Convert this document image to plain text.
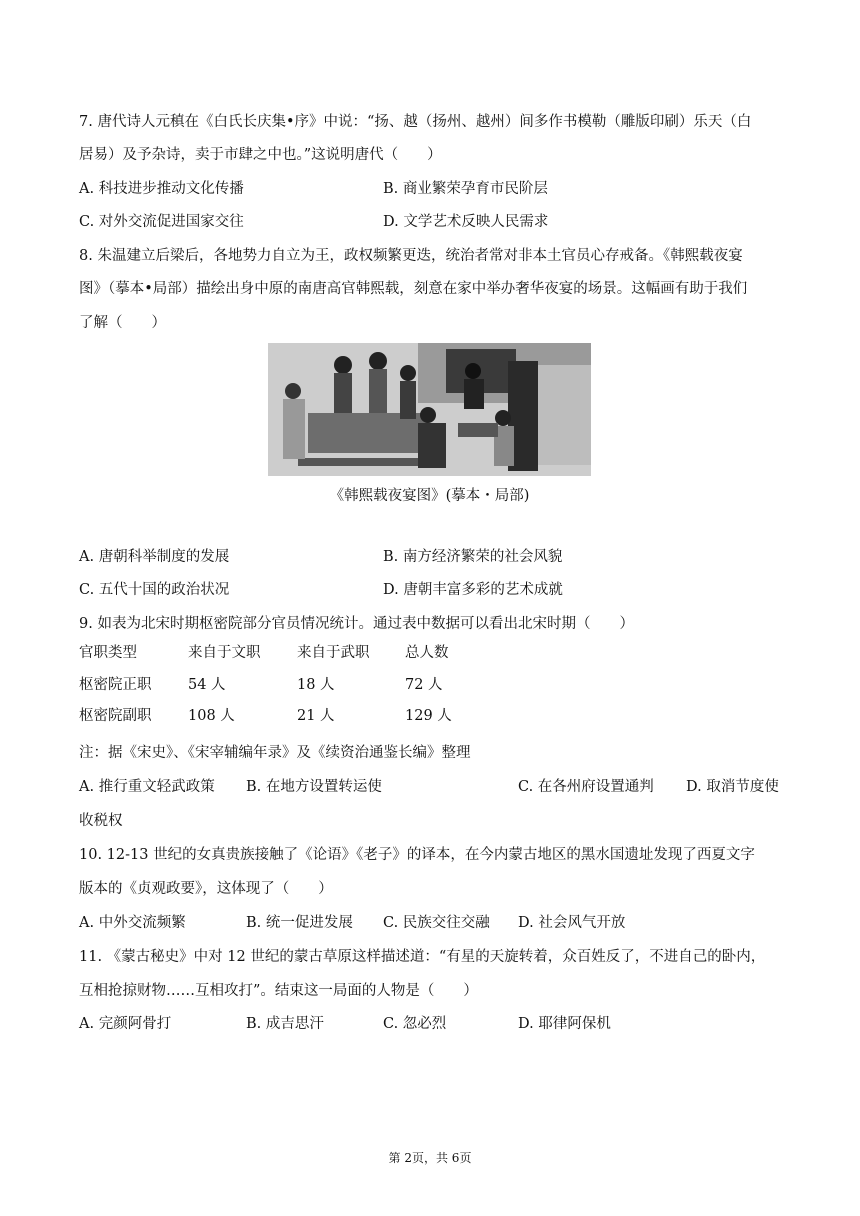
7. 唐代诗人元稹在《白氏长庆集•序》中说：“扬、越（扬州、越州）间多作书模勒（雕版印刷）乐天（白
居易）及予杂诗，卖于市肆之中也。”这说明唐代（　　）
A. 科技进步推动文化传播	B. 商业繁荣孕育市民阶层
C. 对外交流促进国家交往	D. 文学艺术反映人民需求
8. 朱温建立后梁后，各地势力自立为王，政权频繁更迭，统治者常对非本土官员心存戒备。《韩熙载夜宴
图》（摹本•局部）描绘出身中原的南唐高官韩熙载，刻意在家中举办奢华夜宴的场景。这幅画有助于我们
了解（　　）
《韩熙载夜宴图》(摹本・局部)
A. 唐朝科举制度的发展	B. 南方经济繁荣的社会风貌
C. 五代十国的政治状况	D. 唐朝丰富多彩的艺术成就
9. 如表为北宋时期枢密院部分官员情况统计。通过表中数据可以看出北宋时期（　　）
官职类型	来自于文职	来自于武职 总人数
枢密院正职	54 人	18 人	72 人
枢密院副职	108 人	21 人	129 人
注：据《宋史》、《宋宰辅编年录》及《续资治通鉴长编》整理
A. 推行重文轻武政策 B. 在地方设置转运使	C. 在各州府设置通判 D. 取消节度使
收税权
10. 12-13 世纪的女真贵族接触了《论语》《老子》的译本，在今内蒙古地区的黑水国遗址发现了西夏文字
版本的《贞观政要》，这体现了（　　）
A. 中外交流频繁	B. 统一促进发展 C. 民族交往交融 D. 社会风气开放
11. 《蒙古秘史》中对 12 世纪的蒙古草原这样描述道：“有星的天旋转着，众百姓反了，不进自己的卧内，
互相抢掠财物……互相攻打”。结束这一局面的人物是（　　）
A. 完颜阿骨打	B. 成吉思汗	C. 忽必烈	D. 耶律阿保机
第 2页，共 6页
